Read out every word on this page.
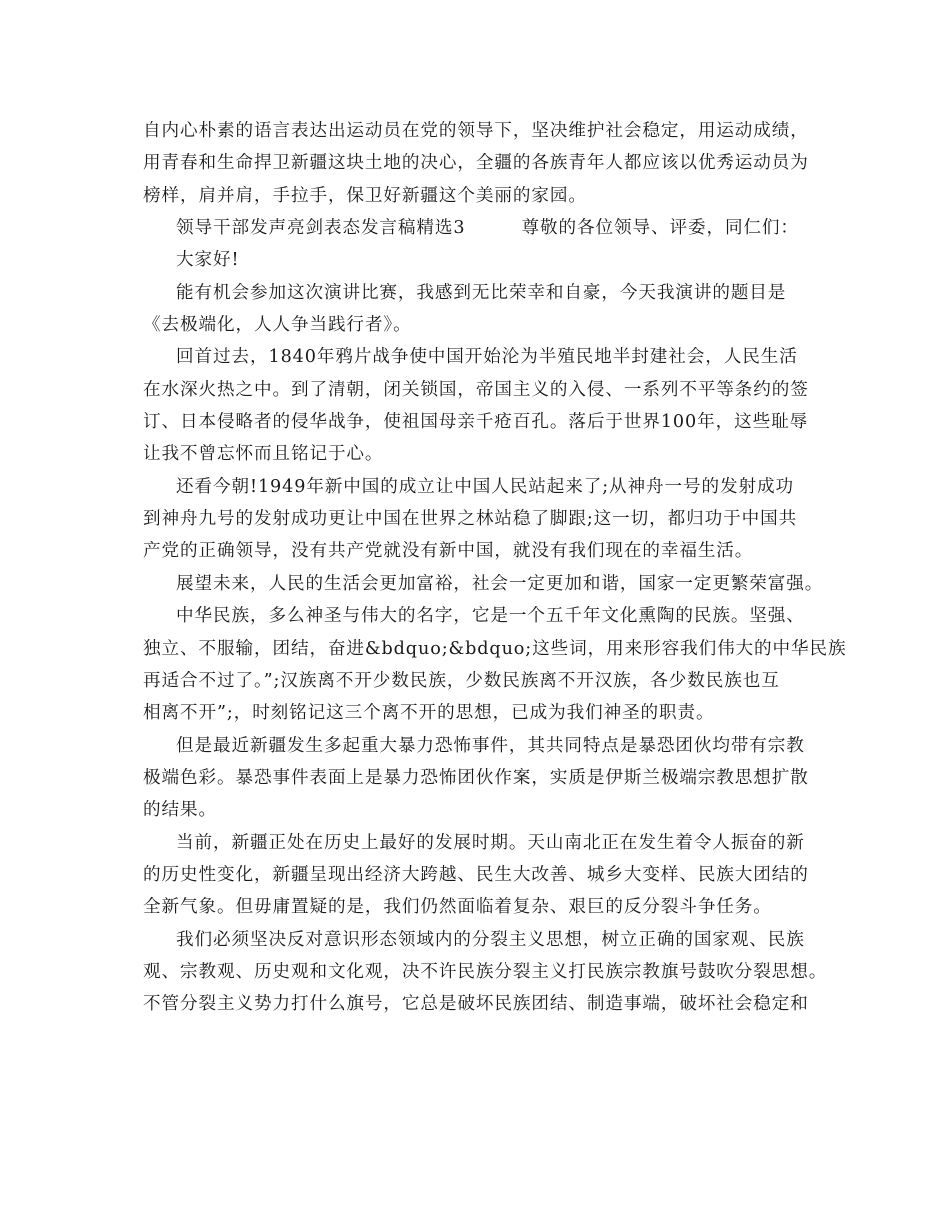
自内心朴素的语言表达出运动员在党的领导下，坚决维护社会稳定，用运动成绩，
用青春和生命捍卫新疆这块土地的决心，全疆的各族青年人都应该以优秀运动员为
榜样，肩并肩，手拉手，保卫好新疆这个美丽的家园。
领导干部发声亮剑表态发言稿精选3	尊敬的各位领导、评委，同仁们：
大家好!
能有机会参加这次演讲比赛，我感到无比荣幸和自豪，今天我演讲的题目是
《去极端化，人人争当践行者》。
回首过去，1840年鸦片战争使中国开始沦为半殖民地半封建社会，人民生活
在水深火热之中。到了清朝，闭关锁国，帝国主义的入侵、一系列不平等条约的签
订、日本侵略者的侵华战争，使祖国母亲千疮百孔。落后于世界100年，这些耻辱
让我不曾忘怀而且铭记于心。
还看今朝!1949年新中国的成立让中国人民站起来了;从神舟一号的发射成功
到神舟九号的发射成功更让中国在世界之林站稳了脚跟;这一切，都归功于中国共
产党的正确领导，没有共产党就没有新中国，就没有我们现在的幸福生活。
展望未来，人民的生活会更加富裕，社会一定更加和谐，国家一定更繁荣富强。
中华民族，多么神圣与伟大的名字，它是一个五千年文化熏陶的民族。坚强、
独立、不服输，团结，奋进&bdquo;&bdquo;这些词，用来形容我们伟大的中华民族
再适合不过了。”;汉族离不开少数民族，少数民族离不开汉族，各少数民族也互
相离不开”;，时刻铭记这三个离不开的思想，已成为我们神圣的职责。
但是最近新疆发生多起重大暴力恐怖事件，其共同特点是暴恐团伙均带有宗教
极端色彩。暴恐事件表面上是暴力恐怖团伙作案，实质是伊斯兰极端宗教思想扩散
的结果。
当前，新疆正处在历史上最好的发展时期。天山南北正在发生着令人振奋的新
的历史性变化，新疆呈现出经济大跨越、民生大改善、城乡大变样、民族大团结的
全新气象。但毋庸置疑的是，我们仍然面临着复杂、艰巨的反分裂斗争任务。
我们必须坚决反对意识形态领域内的分裂主义思想，树立正确的国家观、民族
观、宗教观、历史观和文化观，决不许民族分裂主义打民族宗教旗号鼓吹分裂思想。
不管分裂主义势力打什么旗号，它总是破坏民族团结、制造事端，破坏社会稳定和
